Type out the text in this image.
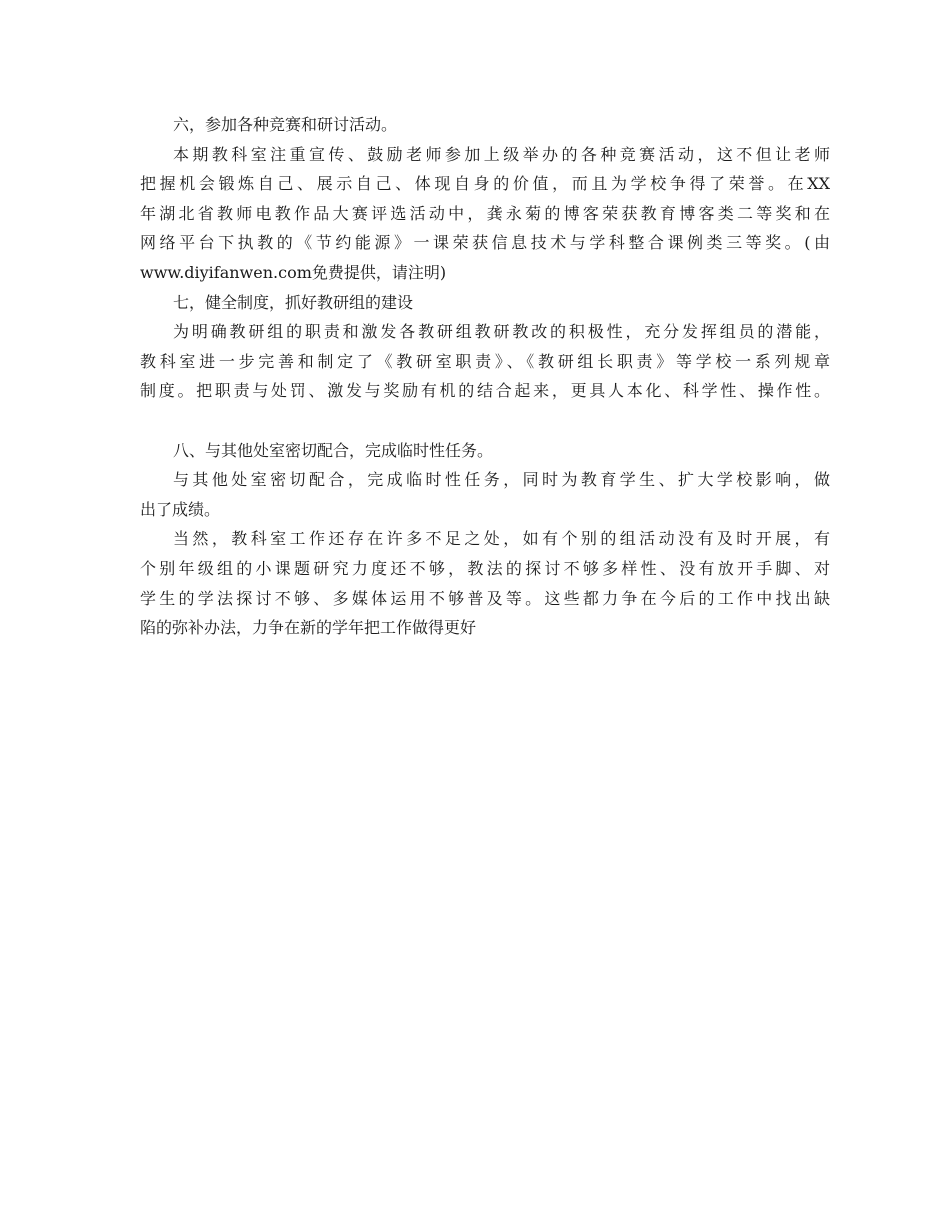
六，参加各种竞赛和研讨活动。
本期教科室注重宣传、鼓励老师参加上级举办的各种竞赛活动，这不但让老师
把握机会锻炼自己、展示自己、体现自身的价值，而且为学校争得了荣誉。在XX
年湖北省教师电教作品大赛评选活动中，龚永菊的博客荣获教育博客类二等奖和在
网络平台下执教的《节约能源》一课荣获信息技术与学科整合课例类三等奖。(由
www.diyifanwen.com免费提供，请注明)
七，健全制度，抓好教研组的建设
为明确教研组的职责和激发各教研组教研教改的积极性，充分发挥组员的潜能，
教科室进一步完善和制定了《教研室职责》、《教研组长职责》等学校一系列规章
制度。把职责与处罚、激发与奖励有机的结合起来，更具人本化、科学性、操作性。
八、与其他处室密切配合，完成临时性任务。
与其他处室密切配合，完成临时性任务，同时为教育学生、扩大学校影响，做
出了成绩。
当然，教科室工作还存在许多不足之处，如有个别的组活动没有及时开展，有
个别年级组的小课题研究力度还不够，教法的探讨不够多样性、没有放开手脚、对
学生的学法探讨不够、多媒体运用不够普及等。这些都力争在今后的工作中找出缺
陷的弥补办法，力争在新的学年把工作做得更好
